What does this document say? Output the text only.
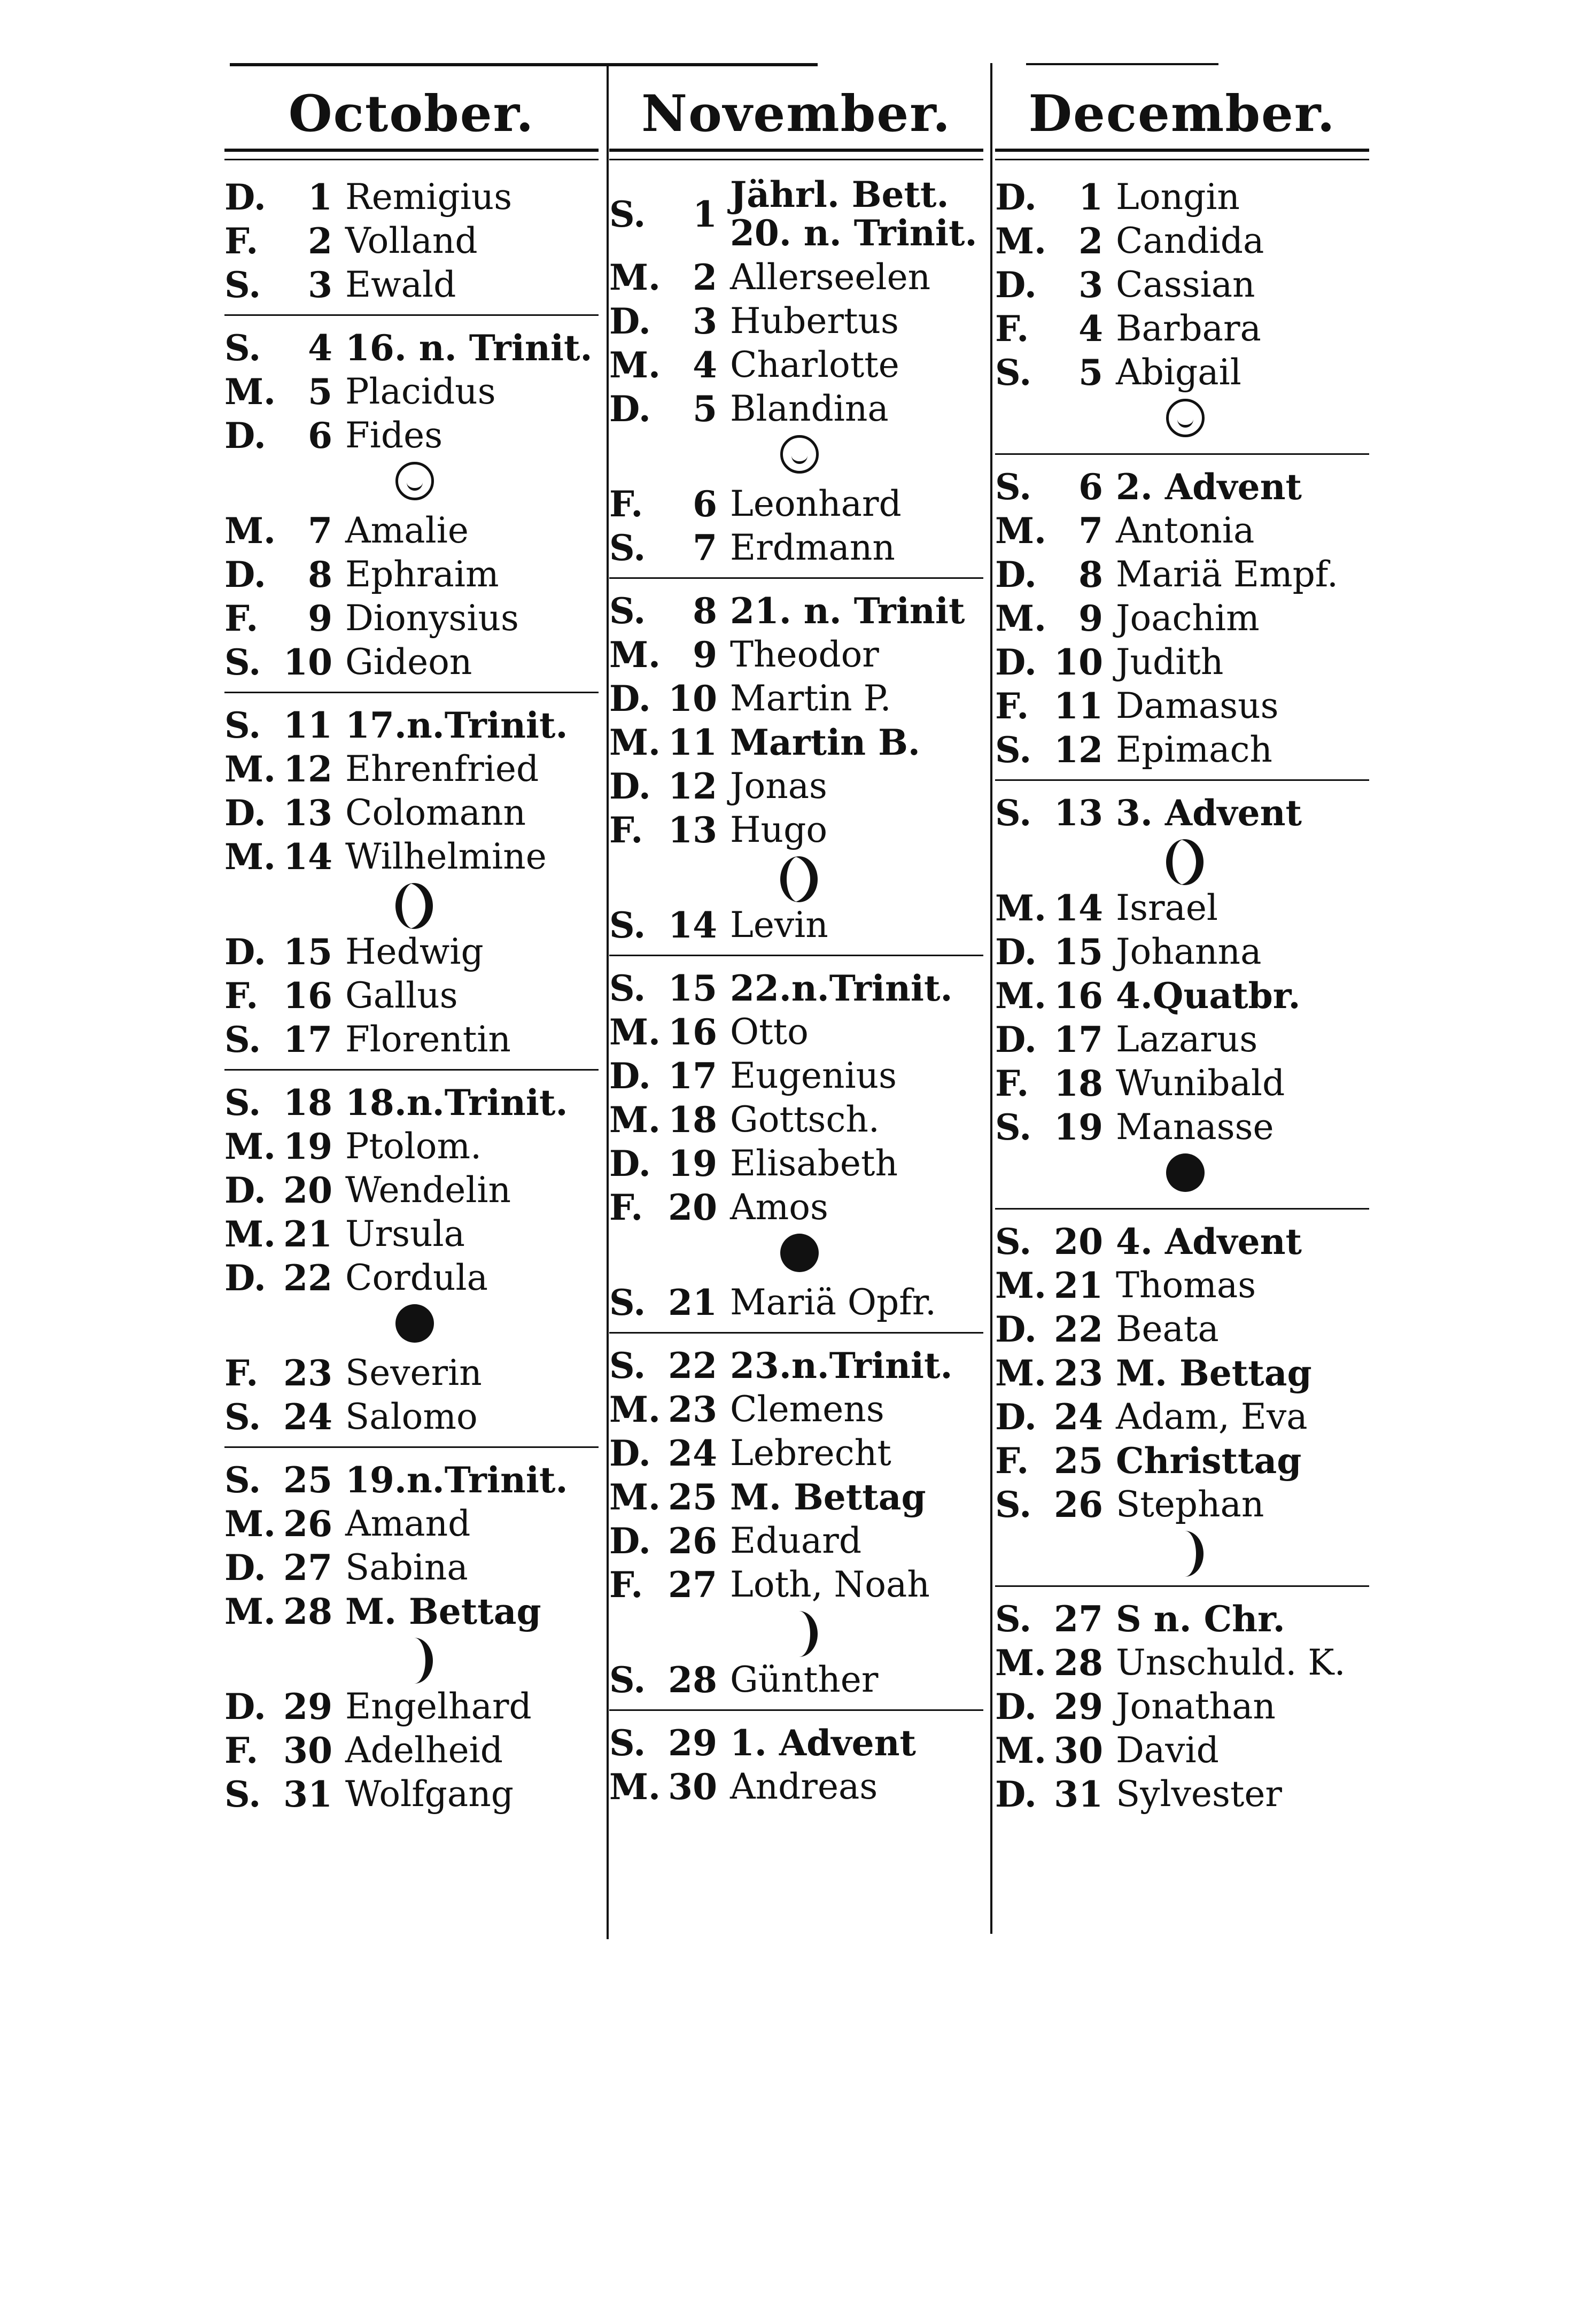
October.
D.	1 Remigius
F.	2 Volland
S.	3 Ewald
S.	4 16. n. Trinit.
M. 5 Placidus
D.	6 Fides
M. 7 Amalie
D.	8 Ephraim
F.	9 Dionysius
S. 10 Gideon
S. 11 17.n.Trinit.
M. 12 Ehrenfried
D. 13 Colomann
M. 14 Wilhelmine
D. 15 Hedwig
F. 16 Gallus
S. 17 Florentin
S. 18 18.n.Trinit.
M. 19 Ptolom.
D. 20 Wendelin
M. 21 Ursula
D. 22 Cordula
F. 23 Severin
S. 24 Salomo
S. 25 19.n.Trinit.
M. 26 Amand
D. 27 Sabina
M. 28 M. Bettag
D. 29 Engelhard
F. 30 Adelheid
S. 31 Wolfgang
November.
S.	1 Jährl. Bett.
20. n. Trinit.
M. 2 Allerseelen
D.	3 Hubertus
M. 4 Charlotte
D.	5 Blandina
F.	6 Leonhard
S.	7 Erdmann
S.	8 21. n. Trinit
M. 9 Theodor
D. 10 Martin P.
M. 11 Martin B.
D. 12 Jonas
F. 13 Hugo
S. 14 Levin
S. 15 22.n.Trinit.
M. 16 Otto
D. 17 Eugenius
M. 18 Gottsch.
D. 19 Elisabeth
F. 20 Amos
S. 21 Mariä Opfr.
S. 22 23.n.Trinit.
M. 23 Clemens
D. 24 Lebrecht
M. 25 M. Bettag
D. 26 Eduard
F. 27 Loth, Noah
S. 28 Günther
S. 29 1. Advent
M. 30 Andreas
December.
D.	1 Longin
M. 2 Candida
D.	3 Cassian
F.	4 Barbara
S.	5 Abigail
S.	6 2. Advent
M. 7 Antonia
D.	8 Mariä Empf.
M. 9 Joachim
D. 10 Judith
F. 11 Damasus
S. 12 Epimach
S. 13 3. Advent
M. 14 Israel
D. 15 Johanna
M. 16 4.Quatbr.
D. 17 Lazarus
F. 18 Wunibald
S. 19 Manasse
S. 20 4. Advent
M. 21 Thomas
D. 22 Beata
M. 23 M. Bettag
D. 24 Adam, Eva
F. 25 Christtag
S. 26 Stephan
S. 27 S n. Chr.
M. 28 Unschuld. K.
D. 29 Jonathan
M. 30 David
D. 31 Sylvester
